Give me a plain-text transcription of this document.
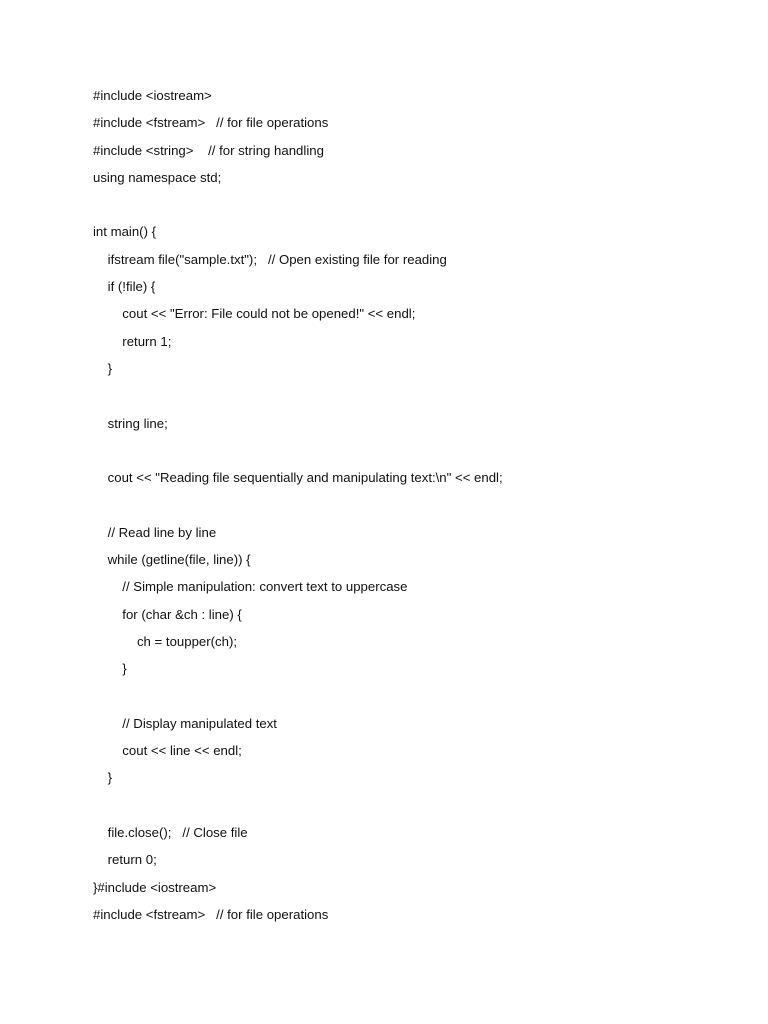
#include <iostream>
#include <fstream>   // for file operations
#include <string>    // for string handling
using namespace std;
int main() {
ifstream file("sample.txt");   // Open existing file for reading
if (!file) {
cout << "Error: File could not be opened!" << endl;
return 1;
}
string line;
cout << "Reading file sequentially and manipulating text:\n" << endl;
// Read line by line
while (getline(file, line)) {
// Simple manipulation: convert text to uppercase
for (char &ch : line) {
ch = toupper(ch);
}
// Display manipulated text
cout << line << endl;
}
file.close();   // Close file
return 0;
}#include <iostream>
#include <fstream>   // for file operations
